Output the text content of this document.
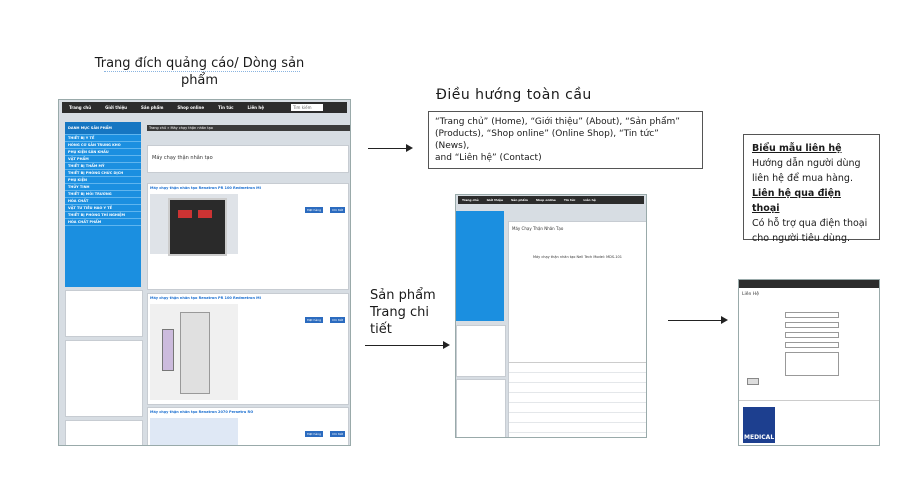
Trang đích quảng cáo/ Dòng sản phẩm
Điều hướng toàn cầu
Sản phẩm Trang chi tiết
“Trang chủ” (Home), “Giới thiệu” (About), “Sản phẩm”
(Products), “Shop online” (Online Shop), “Tin tức”
(News),
and “Liên hệ” (Contact)
Biểu mẫu liên hệ
Hướng dẫn người dùng
liên hệ để mua hàng.
Liên hệ qua điện thoại
Có hỗ trợ qua điện thoại
cho người tiêu dùng.
Trang chủ	Giới thiệu	Sản phẩm	Shop online	Tin tức	Liên hệ	Tìm kiếm
DANH MỤC SẢN PHẨM
THIẾT BỊ Y TẾ
HÓNG CƠ SẢN TRUNG KHO
PHỤ KIỆN SÂN KHẤU
VẬT PHẨM
THIẾT BỊ THẨM MỸ
THIẾT BỊ PHÒNG CHỨC DỊCH
PHỤ KIỆN
THỦY TINH
THIẾT BỊ MÔI TRƯỜNG
HÓA CHẤT
VẬT TƯ TIÊU HAO Y TẾ
THIẾT BỊ PHÒNG THÍ NGHIỆM
HÓA CHẤT PHẨM
Trang chủ » Máy chạy thận nhân tạo
Máy chạy thận nhân tạo
Máy chạy thận nhân tạo Renatron PR 100 Redmetron MI
Đặt hàng	Chi tiết
Máy chạy thận nhân tạo Renatron PR 100 Redmetron MI
Đặt hàng	Chi tiết
Máy chạy thận nhân tạo Renatron 2070 Peraetru RO
Đặt hàng	Chi tiết
Trang chủ	Giới thiệu	Sản phẩm	Shop online	Tin tức	Liên hệ
Máy Chạy Thận Nhân Tạo
Máy chạy thận nhân tạo Nell Tech Model: MDS-101
Liên Hệ
MEDICAL
